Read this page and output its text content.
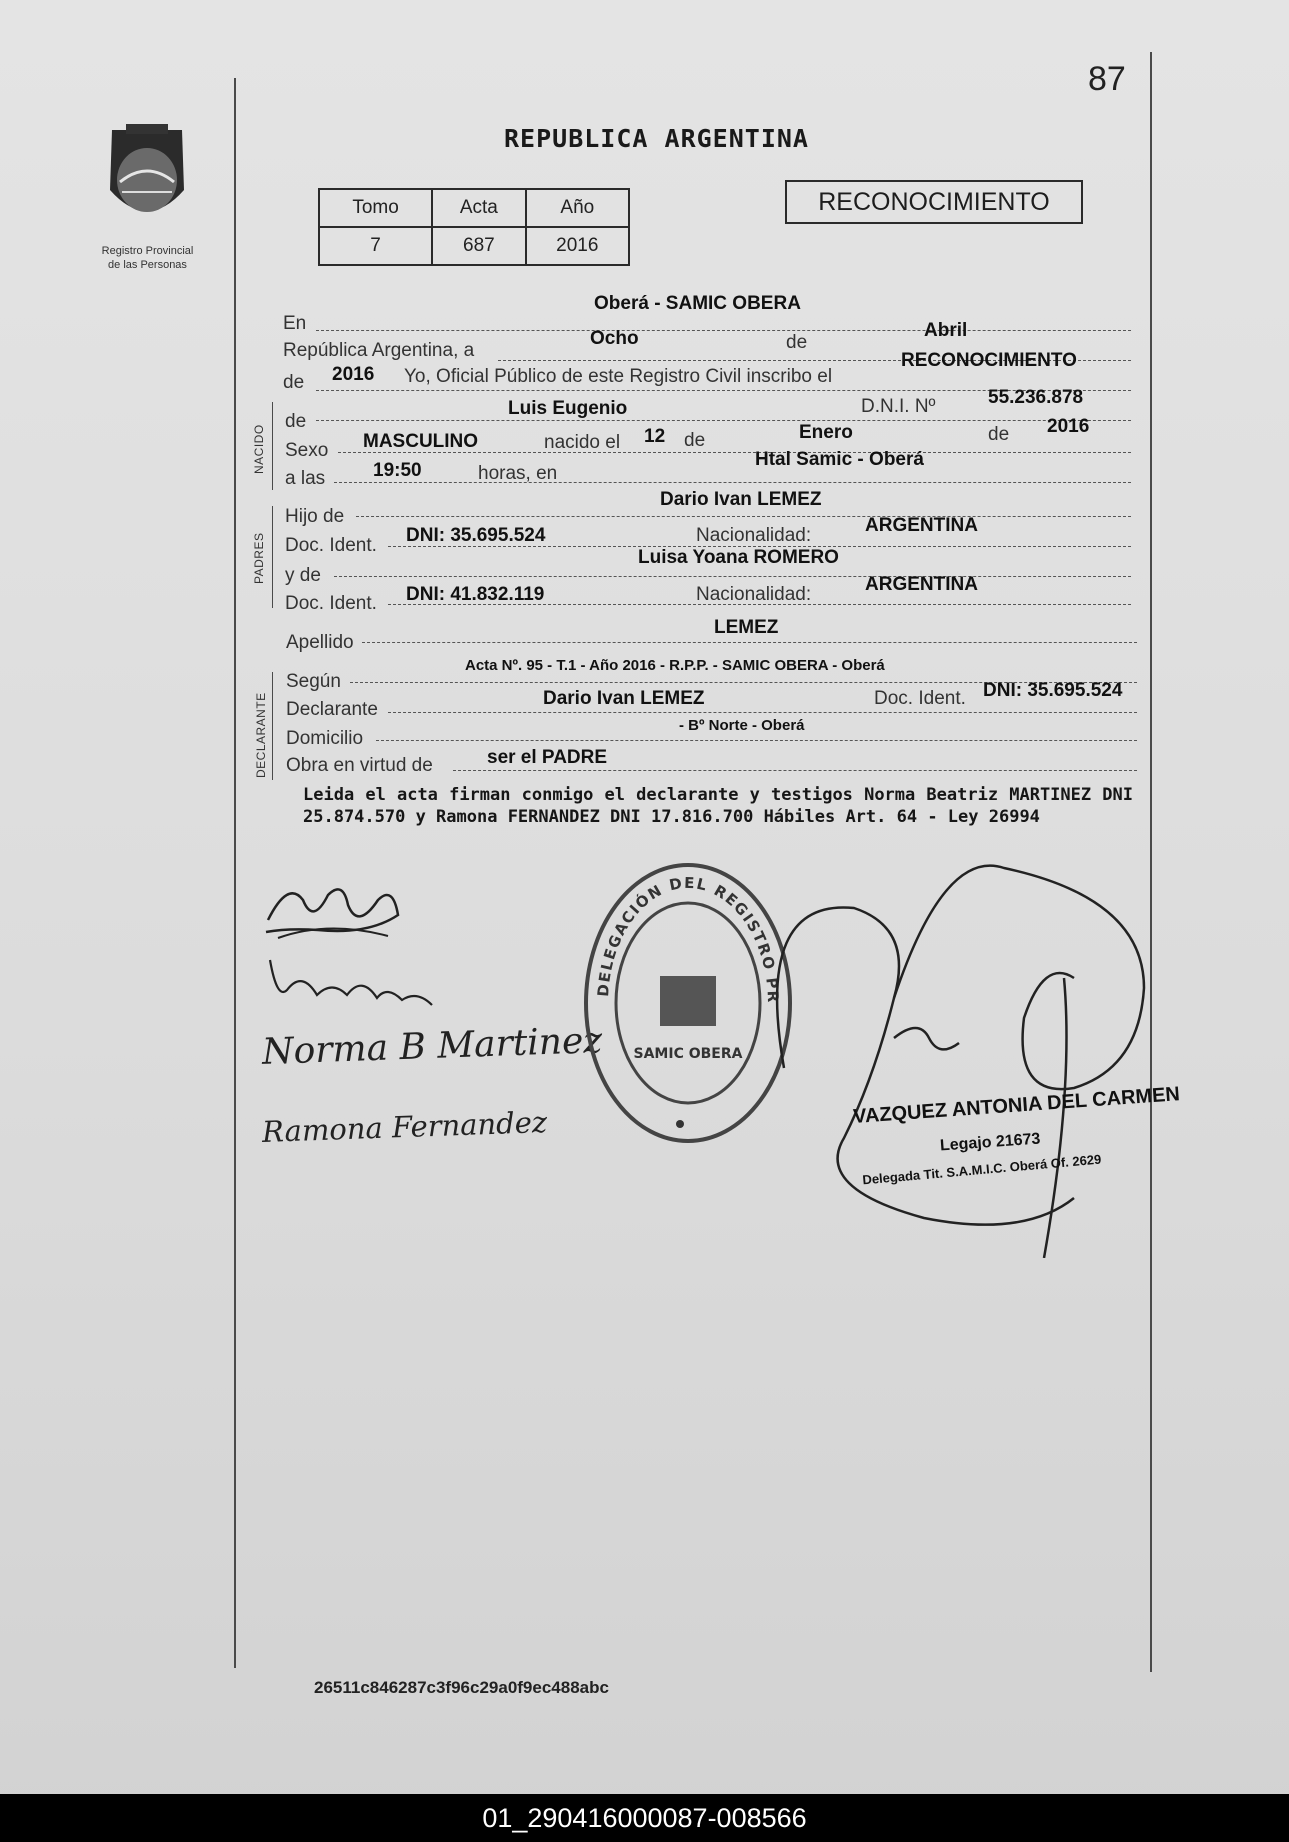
87
Registro Provincial
de las Personas
REPUBLICA ARGENTINA
Tomo	Acta	Año
7	687	2016
RECONOCIMIENTO
NACIDO
PADRES
DECLARANTE
En
Oberá - SAMIC OBERA
República Argentina, a
Ocho	de
Abril
de 2016 Yo, Oficial Público de este Registro Civil inscribo el
RECONOCIMIENTO
de
Luis Eugenio	D.N.I. Nº	55.236.878
Sexo MASCULINO	nacido el 12 de	Enero	de 2016
a las	19:50	horas, en
Htal Samic - Oberá
Hijo de
Dario Ivan LEMEZ
Doc. Ident. DNI: 35.695.524	Nacionalidad:	ARGENTINA
y de
Luisa Yoana ROMERO
Doc. Ident. DNI: 41.832.119	Nacionalidad:	ARGENTINA
Apellido
LEMEZ
Según
Acta Nº. 95 - T.1 - Año 2016 - R.P.P. - SAMIC OBERA - Oberá
Declarante
Dario Ivan LEMEZ	Doc. Ident. DNI: 35.695.524
Domicilio
- Bº Norte - Oberá
Obra en virtud de	ser el PADRE
Leida el acta firman conmigo el declarante y testigos Norma Beatriz MARTINEZ DNI 25.874.570 y Ramona FERNANDEZ DNI 17.816.700 Hábiles Art. 64 - Ley 26994
Norma B Martinez
Ramona Fernandez
DELEGACIÓN DEL REGISTRO PR
SAMIC OBERA
VAZQUEZ ANTONIA DEL CARMEN
Legajo 21673
Delegada Tit. S.A.M.I.C. Oberá Of. 2629
26511c846287c3f96c29a0f9ec488abc
01_290416000087-008566
